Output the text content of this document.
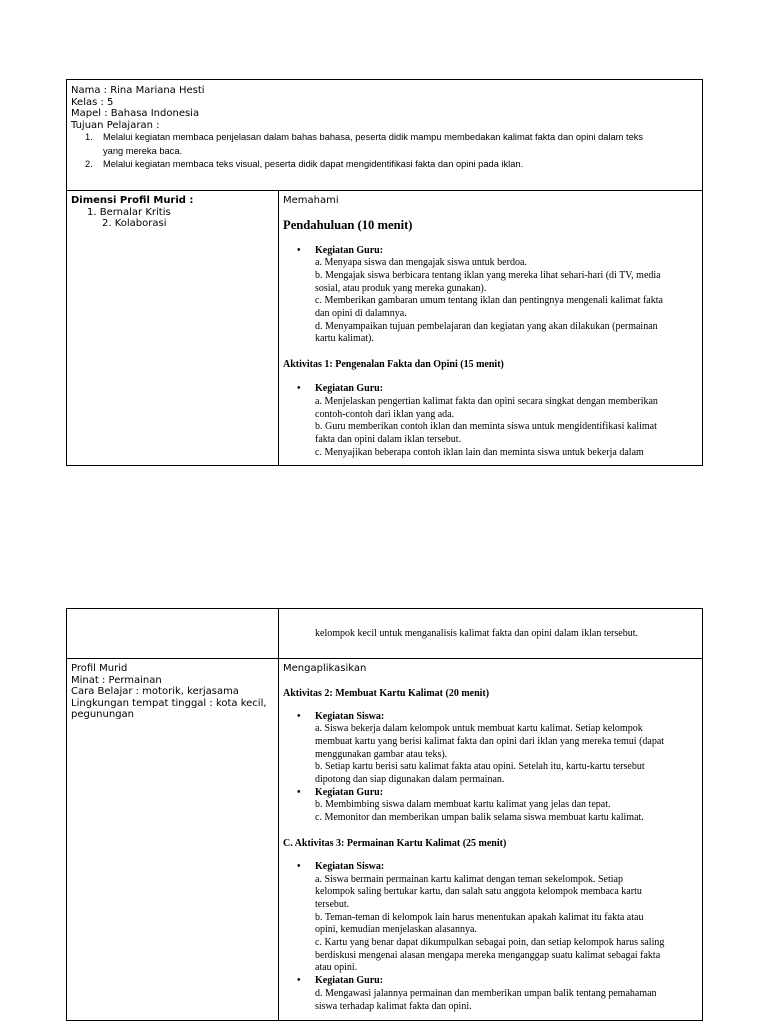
Nama : Rina Mariana Hesti
Kelas : 5
Mapel : Bahasa Indonesia
Tujuan Pelajaran :
1. Melalui kegiatan membaca penjelasan dalam bahas bahasa, peserta didik mampu membedakan kalimat fakta dan opini dalam teks
yang mereka baca.
2. Melalui kegiatan membaca teks visual, peserta didik dapat mengidentifikasi fakta dan opini pada iklan.
Dimensi Profil Murid :
1. Bernalar Kritis
2. Kolaborasi
Memahami
Pendahuluan (10 menit)
• Kegiatan Guru:
a. Menyapa siswa dan mengajak siswa untuk berdoa.
b. Mengajak siswa berbicara tentang iklan yang mereka lihat sehari-hari (di TV, media
sosial, atau produk yang mereka gunakan).
c. Memberikan gambaran umum tentang iklan dan pentingnya mengenali kalimat fakta
dan opini di dalamnya.
d. Menyampaikan tujuan pembelajaran dan kegiatan yang akan dilakukan (permainan
kartu kalimat).
Aktivitas 1: Pengenalan Fakta dan Opini (15 menit)
• Kegiatan Guru:
a. Menjelaskan pengertian kalimat fakta dan opini secara singkat dengan memberikan
contoh-contoh dari iklan yang ada.
b. Guru memberikan contoh iklan dan meminta siswa untuk mengidentifikasi kalimat
fakta dan opini dalam iklan tersebut.
c. Menyajikan beberapa contoh iklan lain dan meminta siswa untuk bekerja dalam
kelompok kecil untuk menganalisis kalimat fakta dan opini dalam iklan tersebut.
Profil Murid
Minat : Permainan
Cara Belajar : motorik, kerjasama
Lingkungan tempat tinggal : kota kecil,
pegunungan
Mengaplikasikan
Aktivitas 2: Membuat Kartu Kalimat (20 menit)
• Kegiatan Siswa:
a. Siswa bekerja dalam kelompok untuk membuat kartu kalimat. Setiap kelompok
membuat kartu yang berisi kalimat fakta dan opini dari iklan yang mereka temui (dapat
menggunakan gambar atau teks).
b. Setiap kartu berisi satu kalimat fakta atau opini. Setelah itu, kartu-kartu tersebut
dipotong dan siap digunakan dalam permainan.
• Kegiatan Guru:
b. Membimbing siswa dalam membuat kartu kalimat yang jelas dan tepat.
c. Memonitor dan memberikan umpan balik selama siswa membuat kartu kalimat.
C. Aktivitas 3: Permainan Kartu Kalimat (25 menit)
• Kegiatan Siswa:
a. Siswa bermain permainan kartu kalimat dengan teman sekelompok. Setiap
kelompok saling bertukar kartu, dan salah satu anggota kelompok membaca kartu
tersebut.
b. Teman-teman di kelompok lain harus menentukan apakah kalimat itu fakta atau
opini, kemudian menjelaskan alasannya.
c. Kartu yang benar dapat dikumpulkan sebagai poin, dan setiap kelompok harus saling
berdiskusi mengenai alasan mengapa mereka menganggap suatu kalimat sebagai fakta
atau opini.
• Kegiatan Guru:
d. Mengawasi jalannya permainan dan memberikan umpan balik tentang pemahaman
siswa terhadap kalimat fakta dan opini.
